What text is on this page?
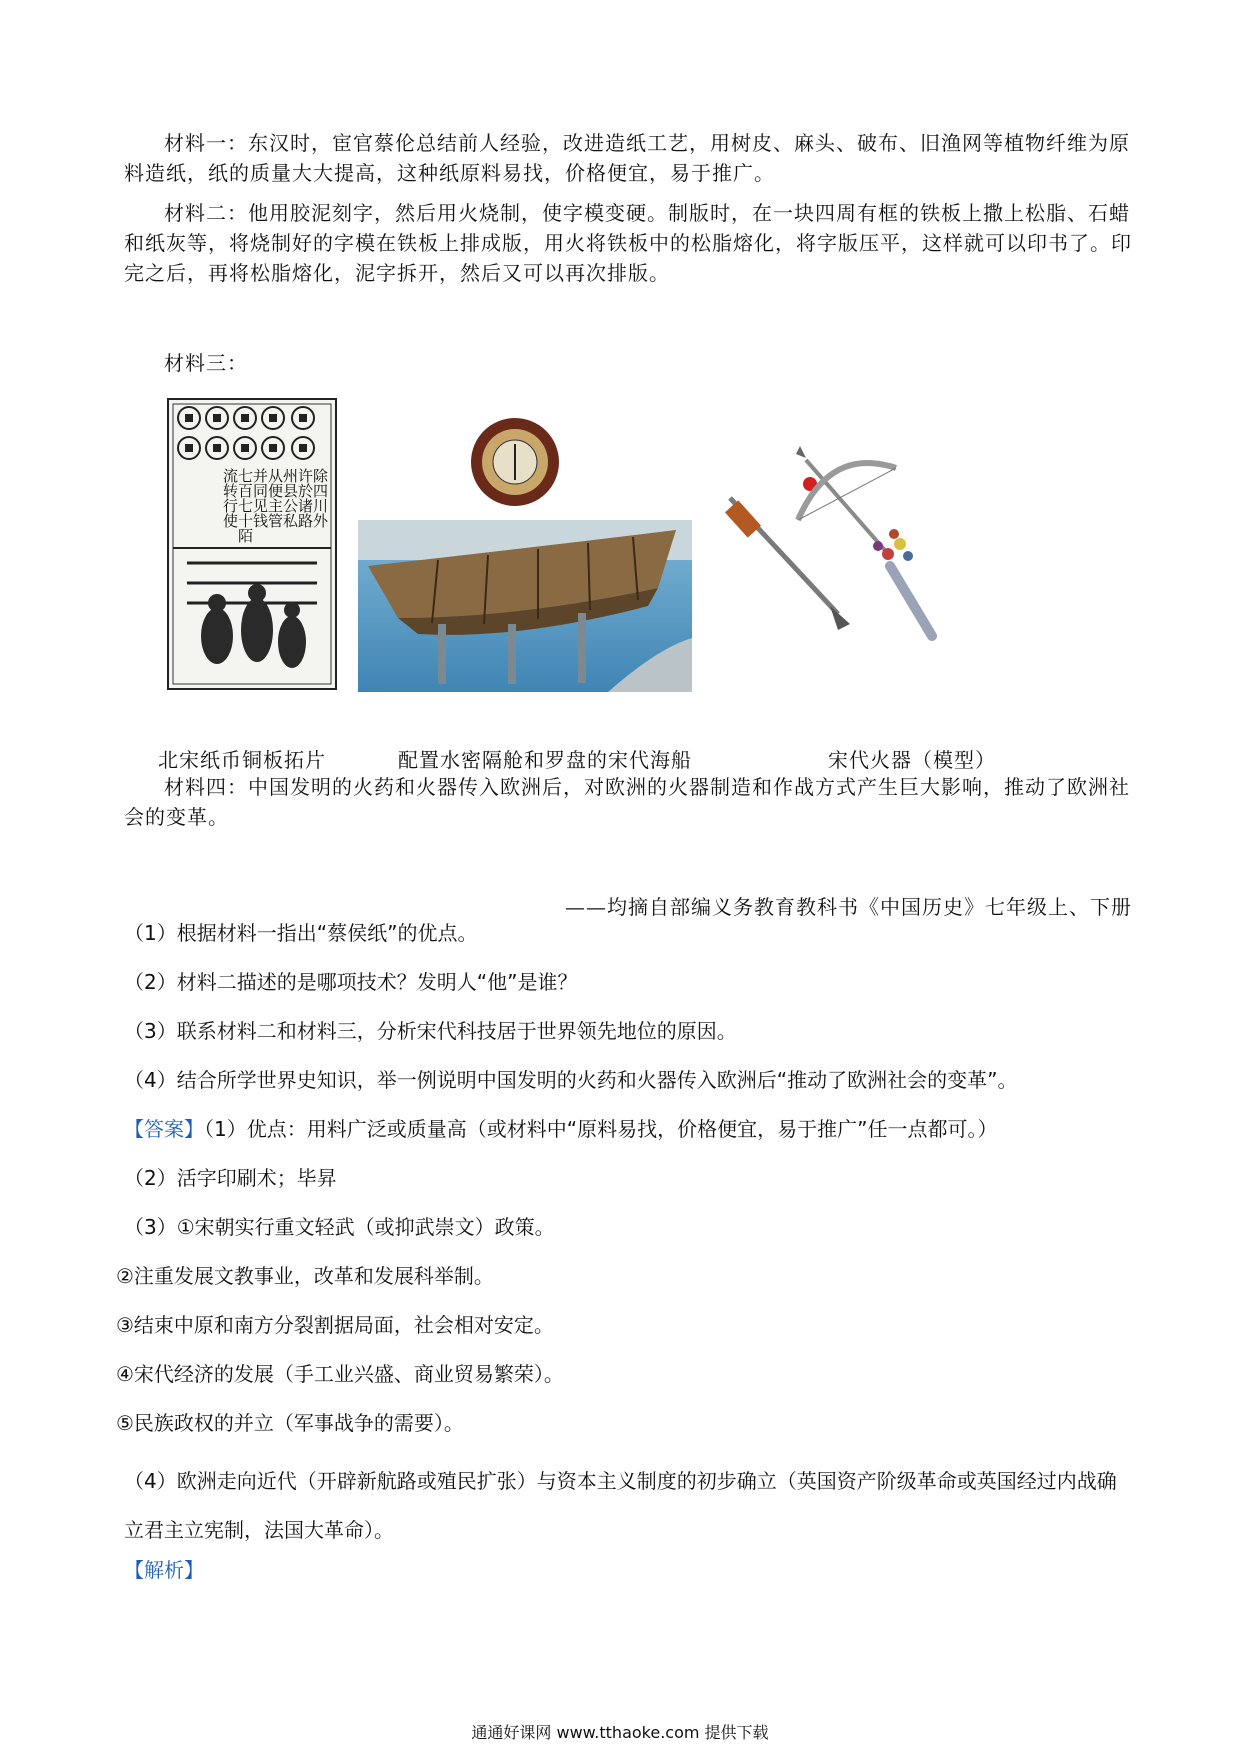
材料一：东汉时，宦官蔡伦总结前人经验，改进造纸工艺，用树皮、麻头、破布、旧渔网等植物纤维为原料造纸，纸的质量大大提高，这种纸原料易找，价格便宜，易于推广。

材料二：他用胶泥刻字，然后用火烧制，使字模变硬。制版时，在一块四周有框的铁板上撒上松脂、石蜡和纸灰等，将烧制好的字模在铁板上排成版，用火将铁板中的松脂熔化，将字版压平，这样就可以印书了。印完之后，再将松脂熔化，泥字拆开，然后又可以再次排版。

材料三：

除四川外 许於诸路 州县公私 从便主管 并同见钱 七百七十陌 流转行使

北宋纸币铜板拓片	配置水密隔舱和罗盘的宋代海船	宋代火器（模型）

材料四：中国发明的火药和火器传入欧洲后，对欧洲的火器制造和作战方式产生巨大影响，推动了欧洲社会的变革。

——均摘自部编义务教育教科书《中国历史》七年级上、下册

（1）根据材料一指出“蔡侯纸”的优点。

（2）材料二描述的是哪项技术？发明人“他”是谁？

（3）联系材料二和材料三，分析宋代科技居于世界领先地位的原因。

（4）结合所学世界史知识，举一例说明中国发明的火药和火器传入欧洲后“推动了欧洲社会的变革”。

【答案】（1）优点：用料广泛或质量高（或材料中“原料易找，价格便宜，易于推广”任一点都可。）

（2）活字印刷术；毕昇

（3）①宋朝实行重文轻武（或抑武崇文）政策。

②注重发展文教事业，改革和发展科举制。

③结束中原和南方分裂割据局面，社会相对安定。

④宋代经济的发展（手工业兴盛、商业贸易繁荣）。

⑤民族政权的并立（军事战争的需要）。

（4）欧洲走向近代（开辟新航路或殖民扩张）与资本主义制度的初步确立（英国资产阶级革命或英国经过内战确立君主立宪制，法国大革命）。

【解析】

通通好课网 www.tthaoke.com 提供下载
